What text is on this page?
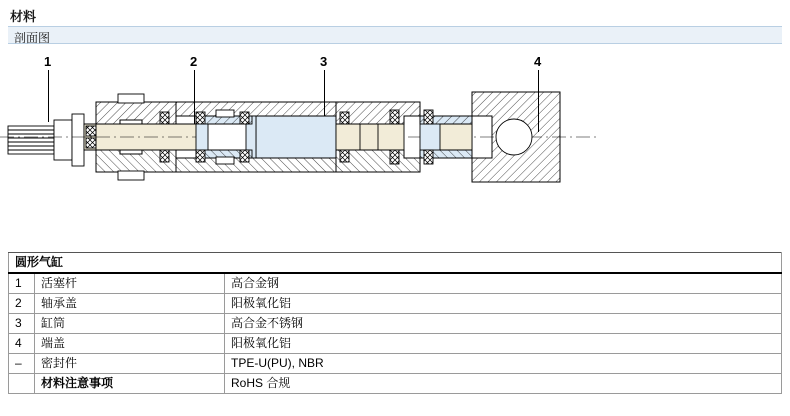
材料
剖面图
1	2	3	4
圆形气缸		
1	活塞杆	高合金钢
2	轴承盖	阳极氧化铝
3	缸筒	高合金不锈钢
4	端盖	阳极氧化铝
–	密封件	TPE-U(PU), NBR
	材料注意事项	RoHS 合规
